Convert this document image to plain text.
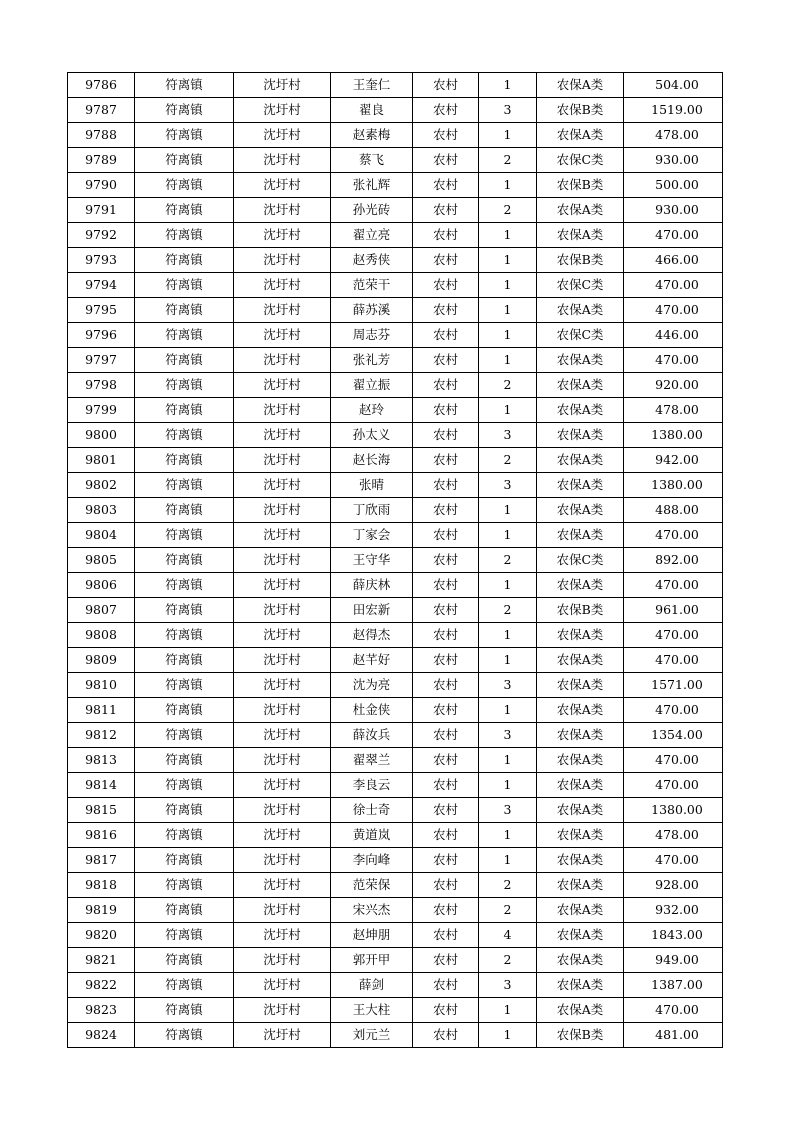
9786	符离镇	沈圩村	王奎仁	农村	1	农保A类	504.00
9787	符离镇	沈圩村	翟良	农村	3	农保B类	1519.00
9788	符离镇	沈圩村	赵素梅	农村	1	农保A类	478.00
9789	符离镇	沈圩村	蔡飞	农村	2	农保C类	930.00
9790	符离镇	沈圩村	张礼辉	农村	1	农保B类	500.00
9791	符离镇	沈圩村	孙光砖	农村	2	农保A类	930.00
9792	符离镇	沈圩村	翟立亮	农村	1	农保A类	470.00
9793	符离镇	沈圩村	赵秀侠	农村	1	农保B类	466.00
9794	符离镇	沈圩村	范荣干	农村	1	农保C类	470.00
9795	符离镇	沈圩村	薛苏溪	农村	1	农保A类	470.00
9796	符离镇	沈圩村	周志芬	农村	1	农保C类	446.00
9797	符离镇	沈圩村	张礼芳	农村	1	农保A类	470.00
9798	符离镇	沈圩村	翟立振	农村	2	农保A类	920.00
9799	符离镇	沈圩村	赵玲	农村	1	农保A类	478.00
9800	符离镇	沈圩村	孙太义	农村	3	农保A类	1380.00
9801	符离镇	沈圩村	赵长海	农村	2	农保A类	942.00
9802	符离镇	沈圩村	张晴	农村	3	农保A类	1380.00
9803	符离镇	沈圩村	丁欣雨	农村	1	农保A类	488.00
9804	符离镇	沈圩村	丁家会	农村	1	农保A类	470.00
9805	符离镇	沈圩村	王守华	农村	2	农保C类	892.00
9806	符离镇	沈圩村	薛庆林	农村	1	农保A类	470.00
9807	符离镇	沈圩村	田宏新	农村	2	农保B类	961.00
9808	符离镇	沈圩村	赵得杰	农村	1	农保A类	470.00
9809	符离镇	沈圩村	赵芊好	农村	1	农保A类	470.00
9810	符离镇	沈圩村	沈为亮	农村	3	农保A类	1571.00
9811	符离镇	沈圩村	杜金侠	农村	1	农保A类	470.00
9812	符离镇	沈圩村	薛汝兵	农村	3	农保A类	1354.00
9813	符离镇	沈圩村	翟翠兰	农村	1	农保A类	470.00
9814	符离镇	沈圩村	李良云	农村	1	农保A类	470.00
9815	符离镇	沈圩村	徐士奇	农村	3	农保A类	1380.00
9816	符离镇	沈圩村	黄道岚	农村	1	农保A类	478.00
9817	符离镇	沈圩村	李向峰	农村	1	农保A类	470.00
9818	符离镇	沈圩村	范荣保	农村	2	农保A类	928.00
9819	符离镇	沈圩村	宋兴杰	农村	2	农保A类	932.00
9820	符离镇	沈圩村	赵坤朋	农村	4	农保A类	1843.00
9821	符离镇	沈圩村	郭开甲	农村	2	农保A类	949.00
9822	符离镇	沈圩村	薛剑	农村	3	农保A类	1387.00
9823	符离镇	沈圩村	王大柱	农村	1	农保A类	470.00
9824	符离镇	沈圩村	刘元兰	农村	1	农保B类	481.00
